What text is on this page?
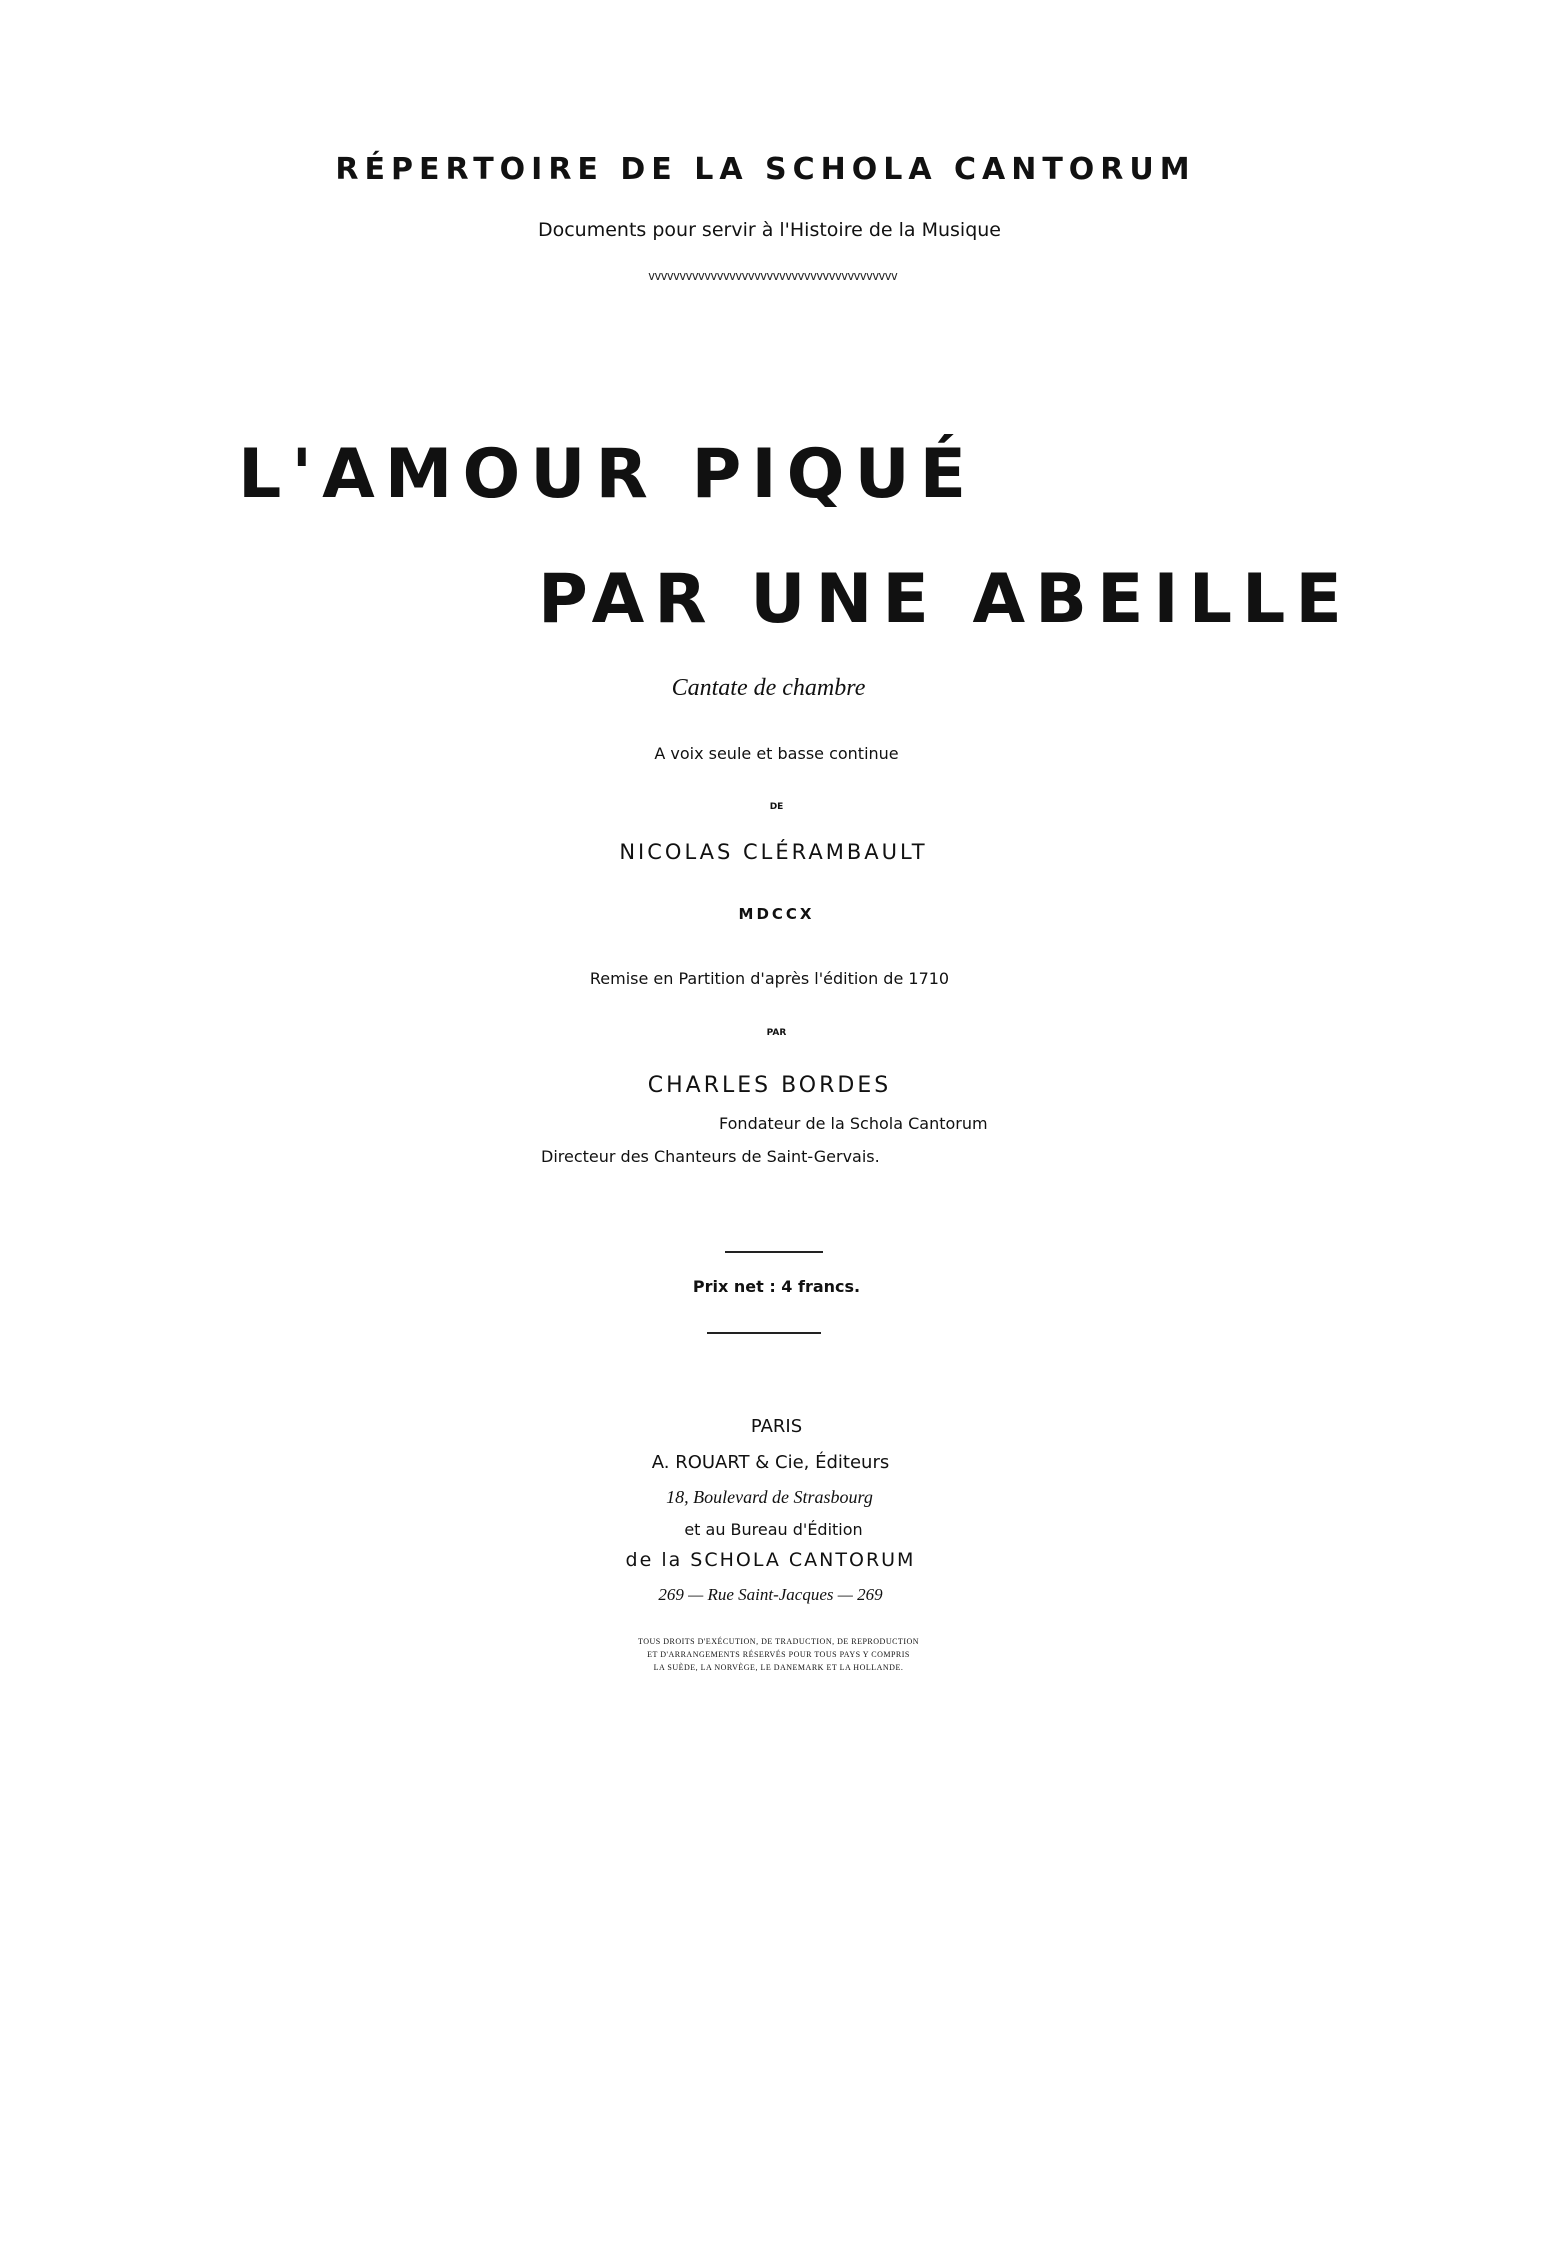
RÉPERTOIRE DE LA SCHOLA CANTORUM
Documents pour servir à l'Histoire de la Musique
vvvvvvvvvvvvvvvvvvvvvvvvvvvvvvvvvvvvvvvv
L'AMOUR PIQUÉ
PAR UNE ABEILLE
Cantate de chambre
A voix seule et basse continue
DE
NICOLAS CLÉRAMBAULT
MDCCX
Remise en Partition d'après l'édition de 1710
PAR
CHARLES BORDES
Fondateur de la Schola Cantorum
Directeur des Chanteurs de Saint-Gervais.
Prix net : 4 francs.
PARIS
A. ROUART & Cie, Éditeurs
18, Boulevard de Strasbourg
et au Bureau d'Édition
de la SCHOLA CANTORUM
269 — Rue Saint-Jacques — 269
TOUS DROITS D'EXÉCUTION, DE TRADUCTION, DE REPRODUCTION
ET D'ARRANGEMENTS RÉSERVÉS POUR TOUS PAYS Y COMPRIS
LA SUÈDE, LA NORVÈGE, LE DANEMARK ET LA HOLLANDE.
